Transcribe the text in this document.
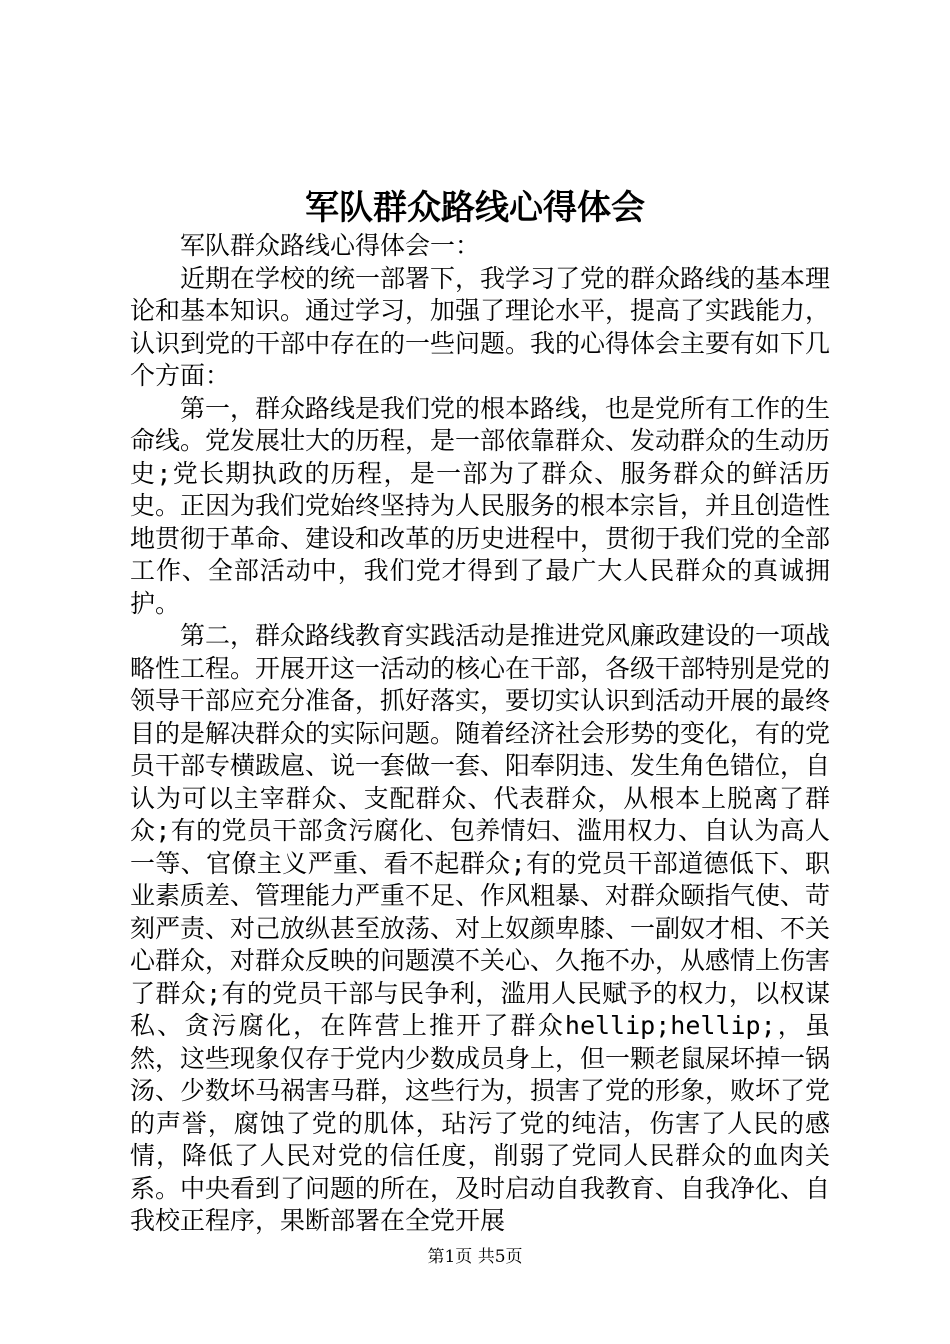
军队群众路线心得体会

军队群众路线心得体会一：

近期在学校的统一部署下，我学习了党的群众路线的基本理论和基本知识。通过学习，加强了理论水平，提高了实践能力，认识到党的干部中存在的一些问题。我的心得体会主要有如下几个方面：

第一，群众路线是我们党的根本路线，也是党所有工作的生命线。党发展壮大的历程，是一部依靠群众、发动群众的生动历史;党长期执政的历程，是一部为了群众、服务群众的鲜活历史。正因为我们党始终坚持为人民服务的根本宗旨，并且创造性地贯彻于革命、建设和改革的历史进程中，贯彻于我们党的全部工作、全部活动中，我们党才得到了最广大人民群众的真诚拥护。

第二，群众路线教育实践活动是推进党风廉政建设的一项战略性工程。开展开这一活动的核心在干部，各级干部特别是党的领导干部应充分准备，抓好落实，要切实认识到活动开展的最终目的是解决群众的实际问题。随着经济社会形势的变化，有的党员干部专横跋扈、说一套做一套、阳奉阴违、发生角色错位，自认为可以主宰群众、支配群众、代表群众，从根本上脱离了群众;有的党员干部贪污腐化、包养情妇、滥用权力、自认为高人一等、官僚主义严重、看不起群众;有的党员干部道德低下、职业素质差、管理能力严重不足、作风粗暴、对群众颐指气使、苛刻严责、对己放纵甚至放荡、对上奴颜卑膝、一副奴才相、不关心群众，对群众反映的问题漠不关心、久拖不办，从感情上伤害了群众;有的党员干部与民争利，滥用人民赋予的权力，以权谋私、贪污腐化，在阵营上推开了群众hellip;hellip;，虽然，这些现象仅存于党内少数成员身上，但一颗老鼠屎坏掉一锅汤、少数坏马祸害马群，这些行为，损害了党的形象，败坏了党的声誉，腐蚀了党的肌体，玷污了党的纯洁，伤害了人民的感情，降低了人民对党的信任度，削弱了党同人民群众的血肉关系。中央看到了问题的所在，及时启动自我教育、自我净化、自我校正程序，果断部署在全党开展

第1页 共5页
